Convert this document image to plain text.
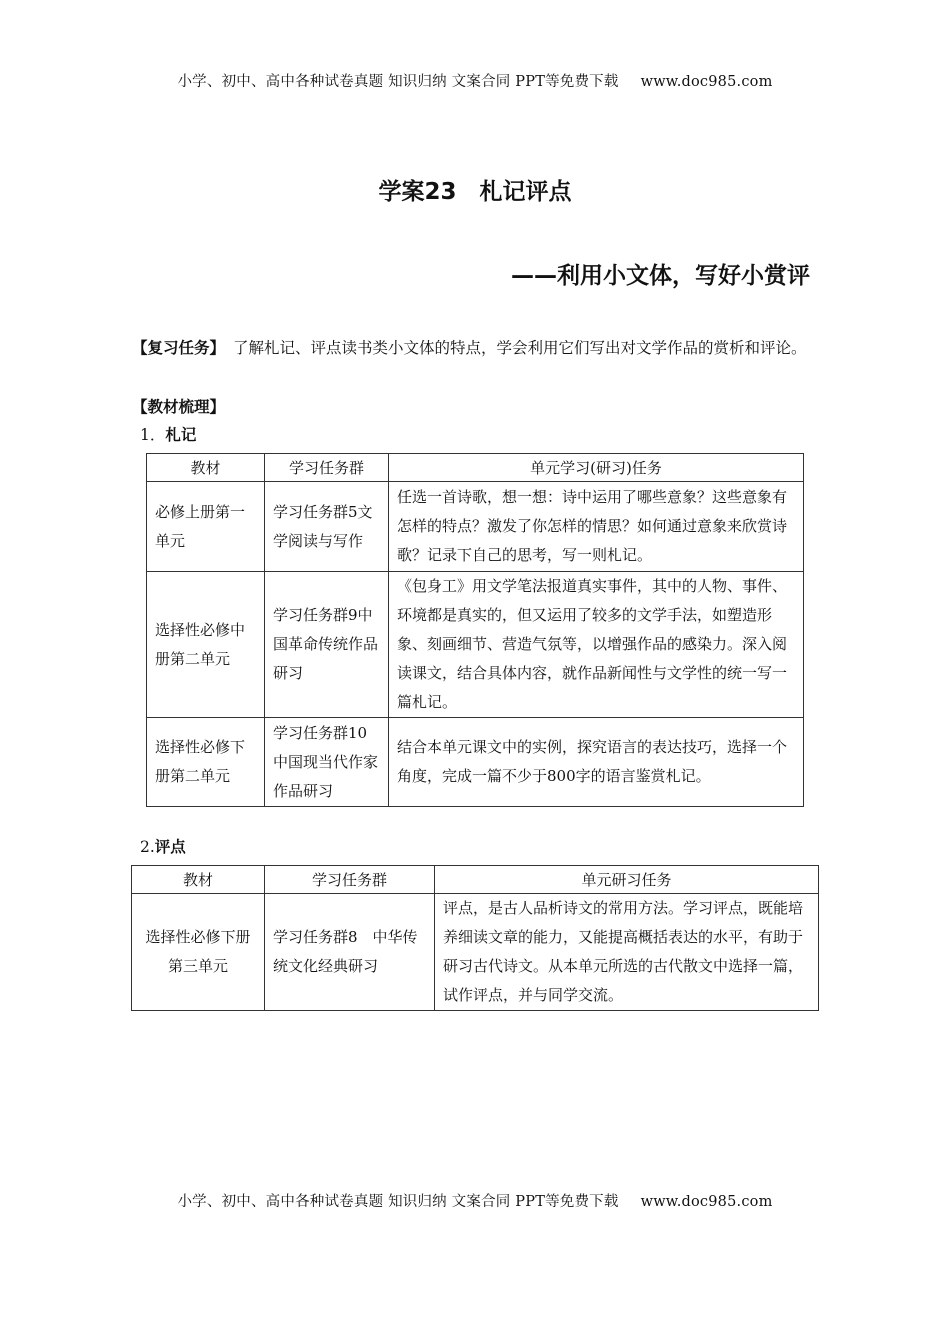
小学、初中、高中各种试卷真题 知识归纳 文案合同 PPT等免费下载 www.doc985.com
学案23　札记评点
——利用小文体，写好小赏评
【复习任务】 了解札记、评点读书类小文体的特点，学会利用它们写出对文学作品的赏析和评论。
【教材梳理】
1．札记
教材	学习任务群	单元学习(研习)任务
必修上册第一单元	学习任务群5文学阅读与写作	任选一首诗歌，想一想：诗中运用了哪些意象？这些意象有怎样的特点？激发了你怎样的情思？如何通过意象来欣赏诗歌？记录下自己的思考，写一则札记。
选择性必修中册第二单元	学习任务群9中国革命传统作品研习	《包身工》用文学笔法报道真实事件，其中的人物、事件、环境都是真实的，但又运用了较多的文学手法，如塑造形象、刻画细节、营造气氛等，以增强作品的感染力。深入阅读课文，结合具体内容，就作品新闻性与文学性的统一写一篇札记。
选择性必修下册第二单元	学习任务群10中国现当代作家作品研习	结合本单元课文中的实例，探究语言的表达技巧，选择一个角度，完成一篇不少于800字的语言鉴赏札记。
2.评点
教材	学习任务群	单元研习任务
选择性必修下册第三单元	学习任务群8　中华传统文化经典研习	评点，是古人品析诗文的常用方法。学习评点，既能培养细读文章的能力，又能提高概括表达的水平，有助于研习古代诗文。从本单元所选的古代散文中选择一篇，试作评点，并与同学交流。
小学、初中、高中各种试卷真题 知识归纳 文案合同 PPT等免费下载 www.doc985.com
